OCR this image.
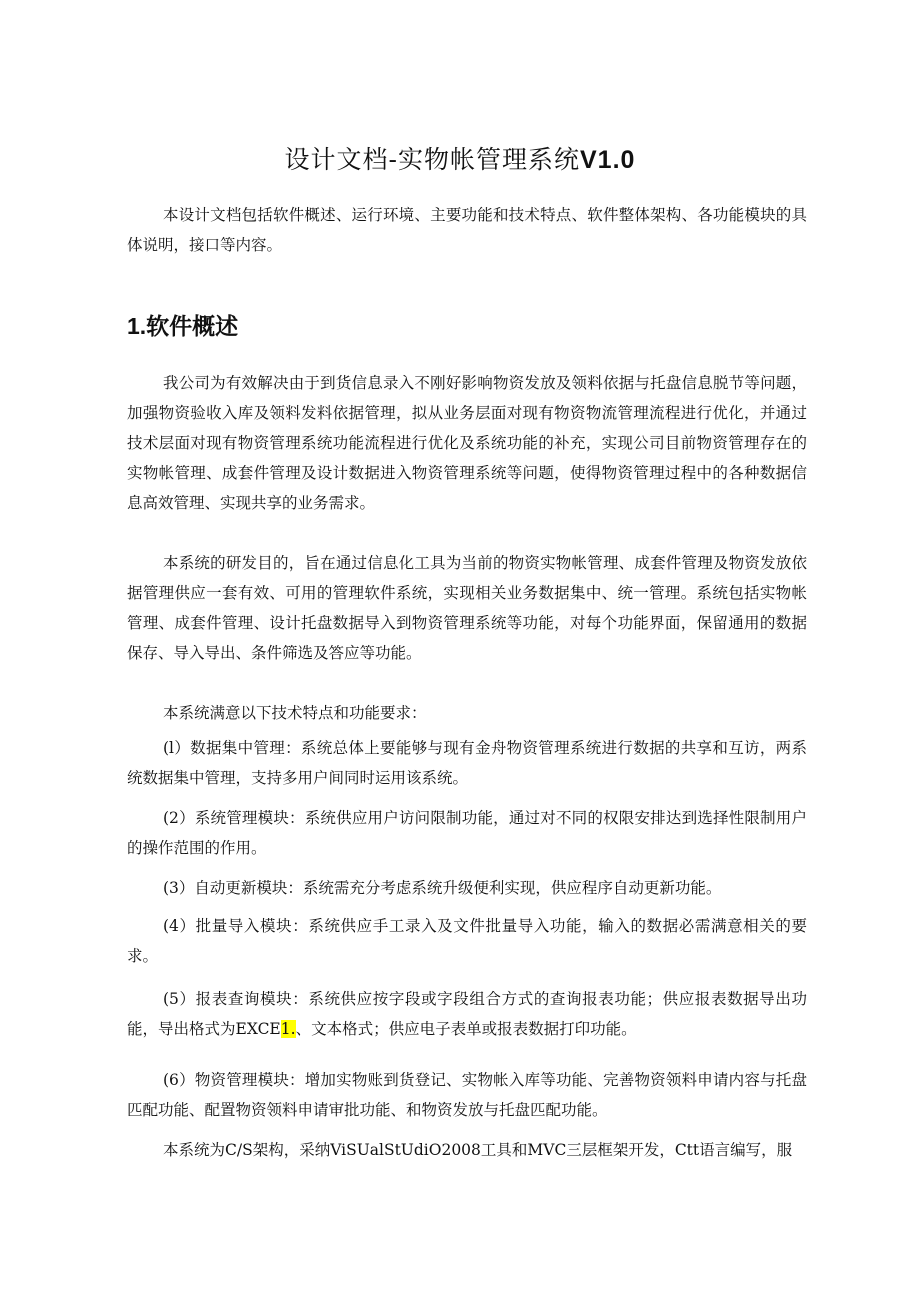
设计文档-实物帐管理系统V1.0

本设计文档包括软件概述、运行环境、主要功能和技术特点、软件整体架构、各功能模块的具体说明，接口等内容。

1.软件概述

我公司为有效解决由于到货信息录入不刚好影响物资发放及领料依据与托盘信息脱节等问题，加强物资验收入库及领料发料依据管理，拟从业务层面对现有物资物流管理流程进行优化，并通过技术层面对现有物资管理系统功能流程进行优化及系统功能的补充，实现公司目前物资管理存在的实物帐管理、成套件管理及设计数据进入物资管理系统等问题，使得物资管理过程中的各种数据信息高效管理、实现共享的业务需求。

本系统的研发目的，旨在通过信息化工具为当前的物资实物帐管理、成套件管理及物资发放依据管理供应一套有效、可用的管理软件系统，实现相关业务数据集中、统一管理。系统包括实物帐管理、成套件管理、设计托盘数据导入到物资管理系统等功能，对每个功能界面，保留通用的数据保存、导入导出、条件筛选及答应等功能。

本系统满意以下技术特点和功能要求：

(l）数据集中管理：系统总体上要能够与现有金舟物资管理系统进行数据的共享和互访，两系统数据集中管理，支持多用户间同时运用该系统。

(2）系统管理模块：系统供应用户访问限制功能，通过对不同的权限安排达到选择性限制用户的操作范围的作用。

(3）自动更新模块：系统需充分考虑系统升级便利实现，供应程序自动更新功能。

(4）批量导入模块：系统供应手工录入及文件批量导入功能，输入的数据必需满意相关的要求。

(5）报表查询模块：系统供应按字段或字段组合方式的查询报表功能；供应报表数据导出功能，导出格式为EXCE1.、文本格式；供应电子表单或报表数据打印功能。

(6）物资管理模块：增加实物账到货登记、实物帐入库等功能、完善物资领料申请内容与托盘匹配功能、配置物资领料申请审批功能、和物资发放与托盘匹配功能。

本系统为C/S架构，采纳ViSUalStUdiO2008工具和MVC三层框架开发，Ctt语言编写，服
